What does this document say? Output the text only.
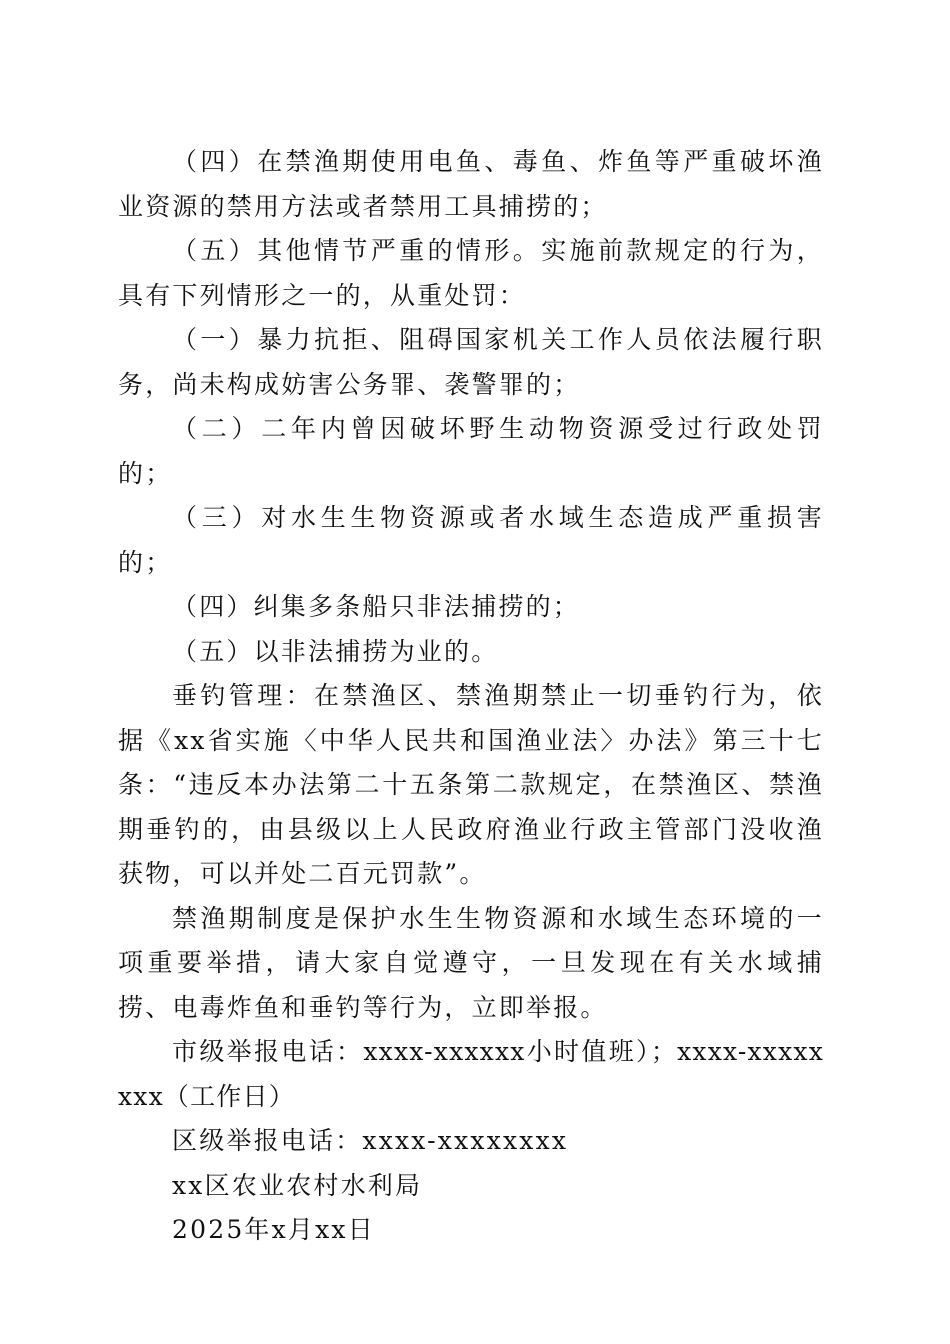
（四）在禁渔期使用电鱼、毒鱼、炸鱼等严重破坏渔业资源的禁用方法或者禁用工具捕捞的；

（五）其他情节严重的情形。实施前款规定的行为，具有下列情形之一的，从重处罚：

（一）暴力抗拒、阻碍国家机关工作人员依法履行职务，尚未构成妨害公务罪、袭警罪的；

（二）二年内曾因破坏野生动物资源受过行政处罚的；

（三）对水生生物资源或者水域生态造成严重损害的；

（四）纠集多条船只非法捕捞的；

（五）以非法捕捞为业的。

垂钓管理：在禁渔区、禁渔期禁止一切垂钓行为，依据《xx省实施〈中华人民共和国渔业法〉办法》第三十七条：“违反本办法第二十五条第二款规定，在禁渔区、禁渔期垂钓的，由县级以上人民政府渔业行政主管部门没收渔获物，可以并处二百元罚款”。

禁渔期制度是保护水生生物资源和水域生态环境的一项重要举措，请大家自觉遵守，一旦发现在有关水域捕捞、电毒炸鱼和垂钓等行为，立即举报。

市级举报电话：xxxx-xxxxxx小时值班）；xxxx-xxxxxxxx（工作日）

区级举报电话：xxxx-xxxxxxxx

xx区农业农村水利局

2025年x月xx日
